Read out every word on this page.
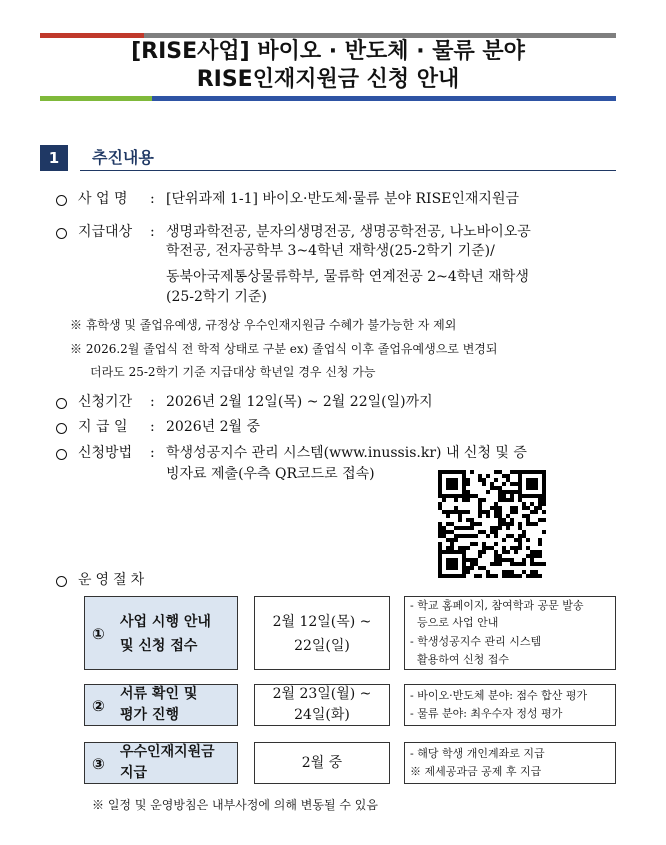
[RISE사업] 바이오 · 반도체 · 물류 분야
RISE인재지원금 신청 안내
1	추진내용
사 업 명 : [단위과제 1-1] 바이오·반도체·물류 분야 RISE인재지원금
지급대상 : 생명과학전공, 분자의생명전공, 생명공학전공, 나노바이오공
학전공, 전자공학부 3~4학년 재학생(25-2학기 기준)/
동북아국제통상물류학부, 물류학 연계전공 2~4학년 재학생
(25-2학기 기준)
※ 휴학생 및 졸업유예생, 규정상 우수인재지원금 수혜가 불가능한 자 제외
※ 2026.2월 졸업식 전 학적 상태로 구분 ex) 졸업식 이후 졸업유예생으로 변경되
더라도 25-2학기 기준 지급대상 학년일 경우 신청 가능
신청기간 : 2026년 2월 12일(목) ~ 2월 22일(일)까지
지 급 일 : 2026년 2월 중
신청방법 : 학생성공지수 관리 시스템(www.inussis.kr) 내 신청 및 증
빙자료 제출(우측 QR코드로 접속)
운영절차
①
사업 시행 안내
및 신청 접수
2월 12일(목) ~
22일(일)
- 학교 홈페이지, 참여학과 공문 발송
등으로 사업 안내
- 학생성공지수 관리 시스템
활용하여 신청 접수
②
서류 확인 및
평가 진행
2월 23일(월) ~
24일(화)
- 바이오·반도체 분야: 점수 합산 평가
- 물류 분야: 최우수자 정성 평가
③
우수인재지원금
지급
2월 중
- 해당 학생 개인계좌로 지급
※ 제세공과금 공제 후 지급
※ 일정 및 운영방침은 내부사정에 의해 변동될 수 있음
